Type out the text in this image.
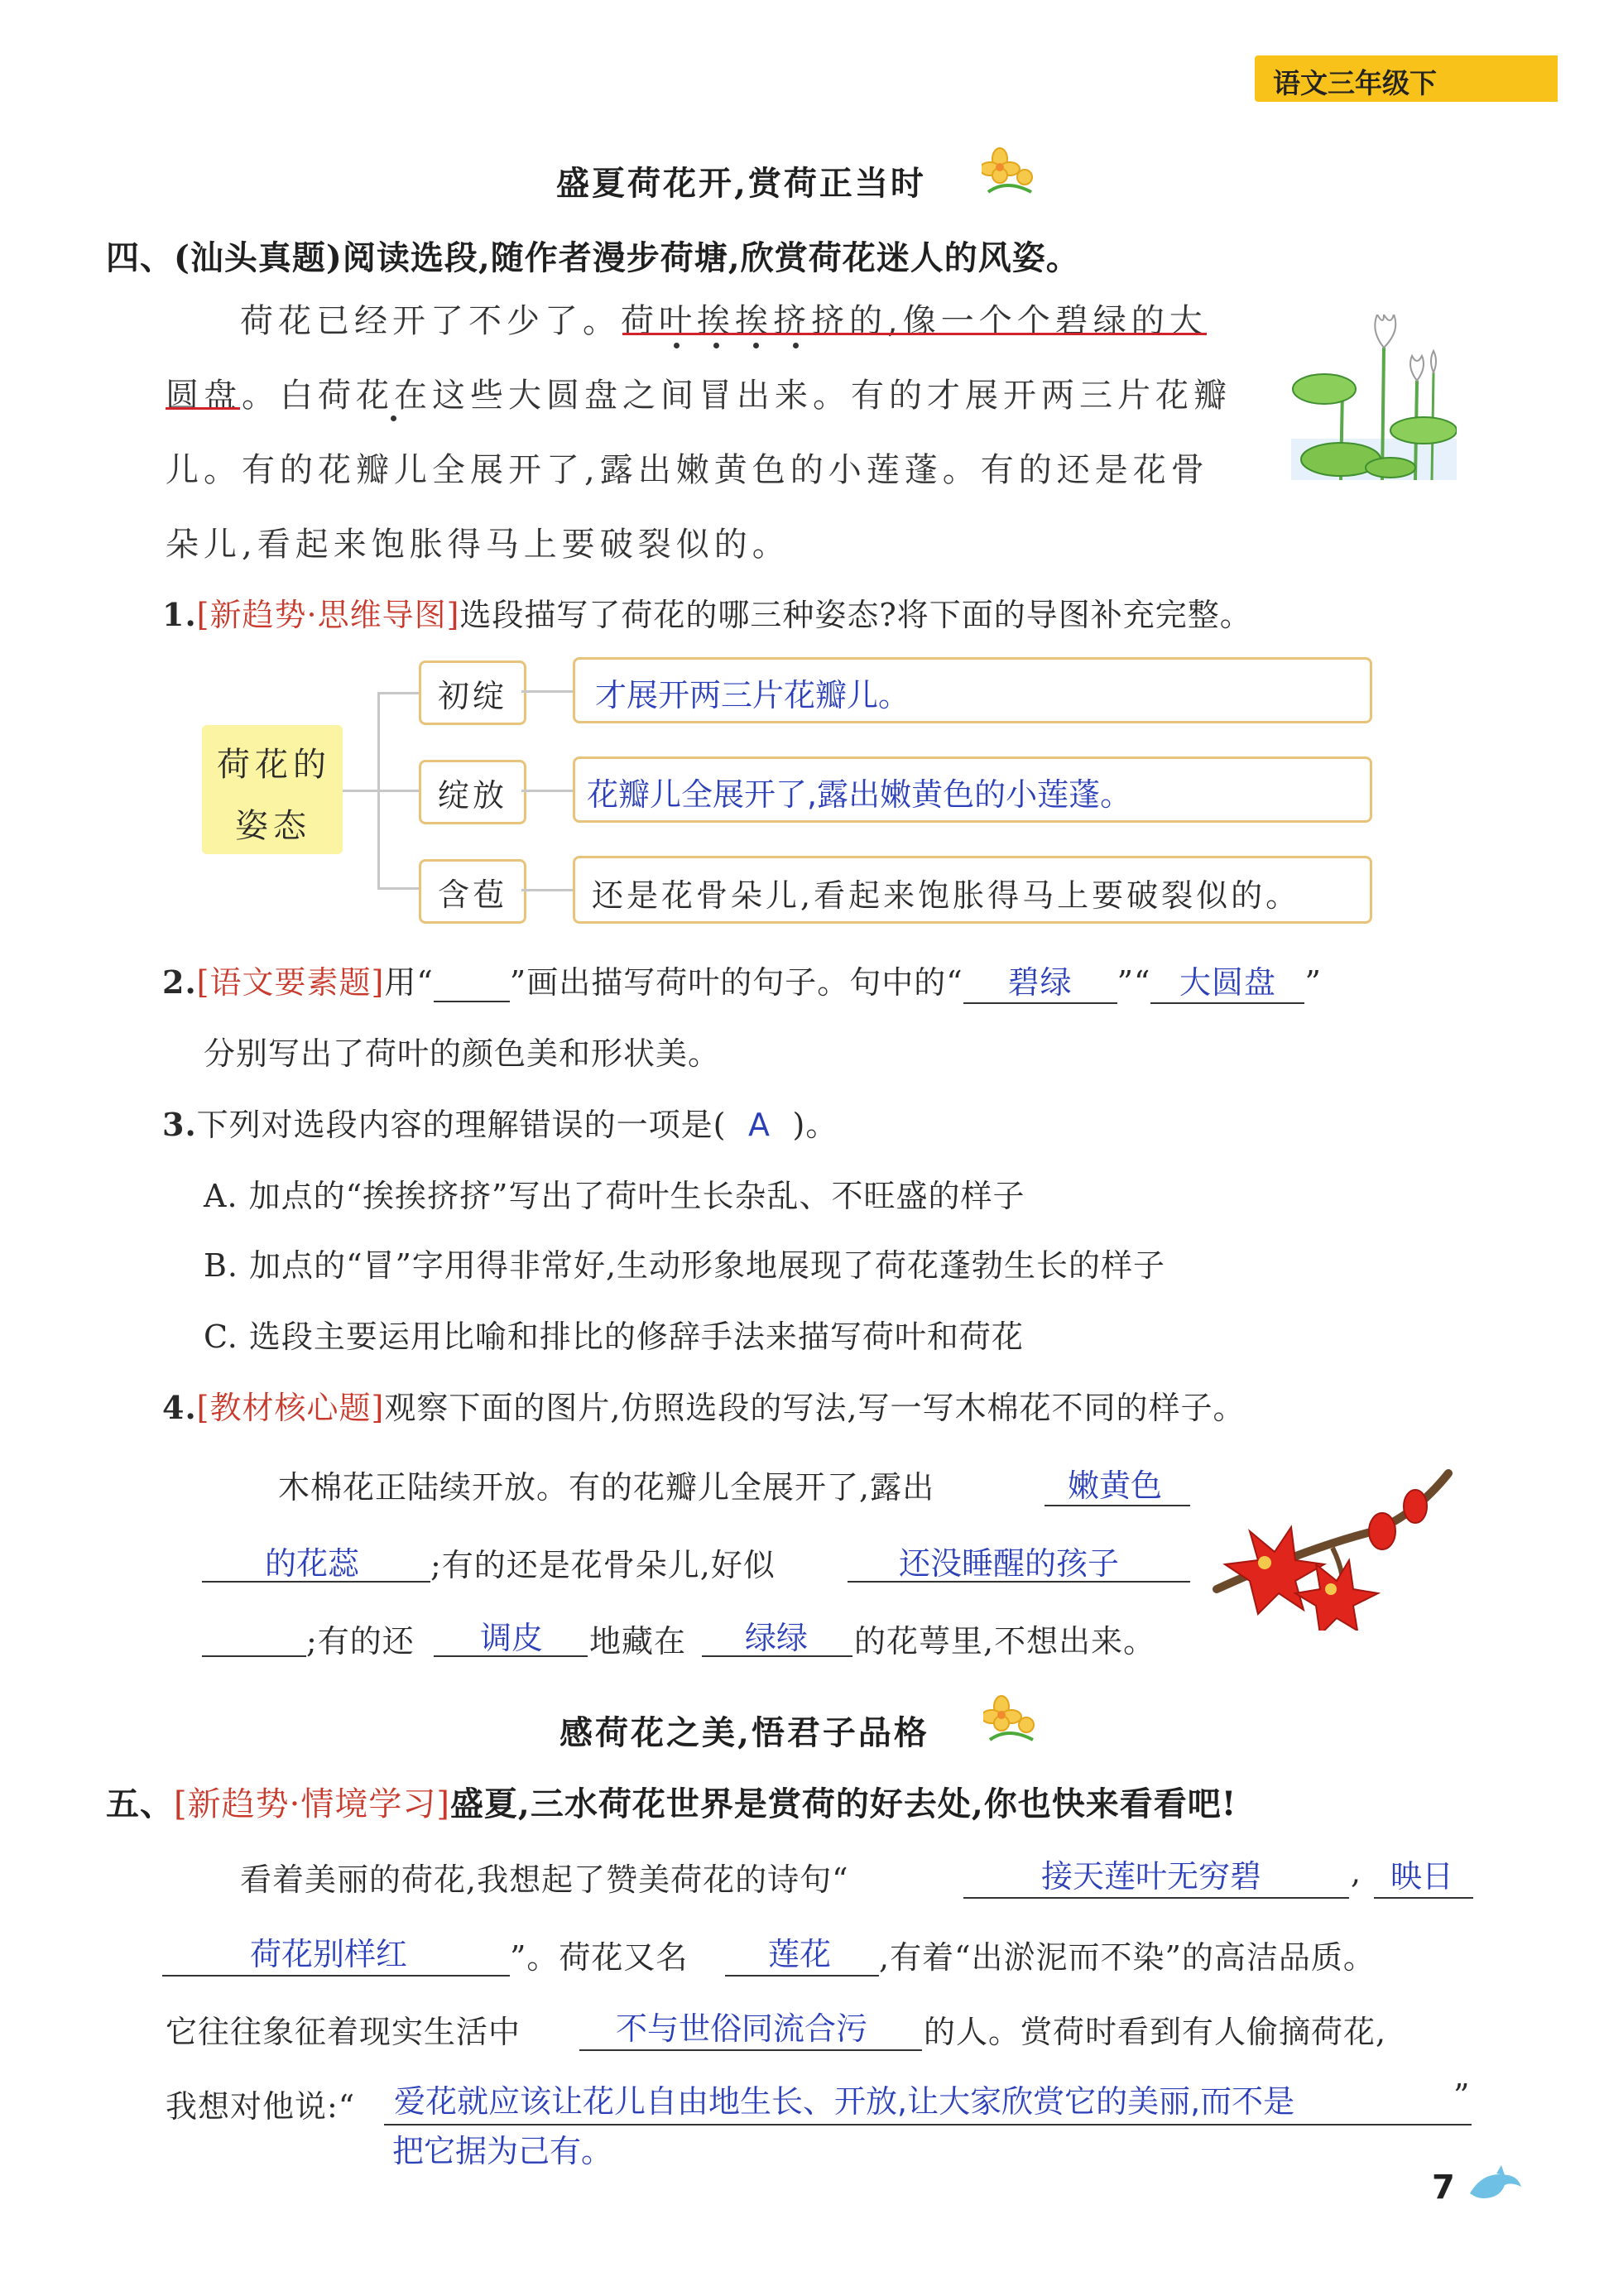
语文三年级下
盛夏荷花开,赏荷正当时
四、(汕头真题)阅读选段,随作者漫步荷塘,欣赏荷花迷人的风姿。
荷花已经开了不少了。荷叶挨挨挤挤的,像一个个碧绿的大
圆盘。白荷花在这些大圆盘之间冒出来。有的才展开两三片花瓣
儿。有的花瓣儿全展开了,露出嫩黄色的小莲蓬。有的还是花骨
朵儿,看起来饱胀得马上要破裂似的。
1.[新趋势·思维导图]选段描写了荷花的哪三种姿态?将下面的导图补充完整。
荷花的
姿态
初绽
绽放
含苞
才展开两三片花瓣儿。
花瓣儿全展开了,露出嫩黄色的小莲蓬。
还是花骨朵儿,看起来饱胀得马上要破裂似的。
2.[语文要素题]用“ ”画出描写荷叶的句子。句中的“ 碧绿 ”“ 大圆盘 ”
分别写出了荷叶的颜色美和形状美。
3.下列对选段内容的理解错误的一项是( A )。
A. 加点的“挨挨挤挤”写出了荷叶生长杂乱、不旺盛的样子
B. 加点的“冒”字用得非常好,生动形象地展现了荷花蓬勃生长的样子
C. 选段主要运用比喻和排比的修辞手法来描写荷叶和荷花
4.[教材核心题]观察下面的图片,仿照选段的写法,写一写木棉花不同的样子。
木棉花正陆续开放。有的花瓣儿全展开了,露出	嫩黄色
的花蕊 ;有的还是花骨朵儿,好似	还没睡醒的孩子
;有的还 调皮 地藏在 绿绿 的花萼里,不想出来。
感荷花之美,悟君子品格
五、[新趋势·情境学习]盛夏,三水荷花世界是赏荷的好去处,你也快来看看吧!
看着美丽的荷花,我想起了赞美荷花的诗句“	接天莲叶无穷碧	, 映日
荷花别样红	”。荷花又名	莲花 ,有着“出淤泥而不染”的高洁品质。
它往往象征着现实生活中	不与世俗同流合污 的人。赏荷时看到有人偷摘荷花,
我想对他说:“ 爱花就应该让花儿自由地生长、开放,让大家欣赏它的美丽,而不是	”
把它据为己有。
7
